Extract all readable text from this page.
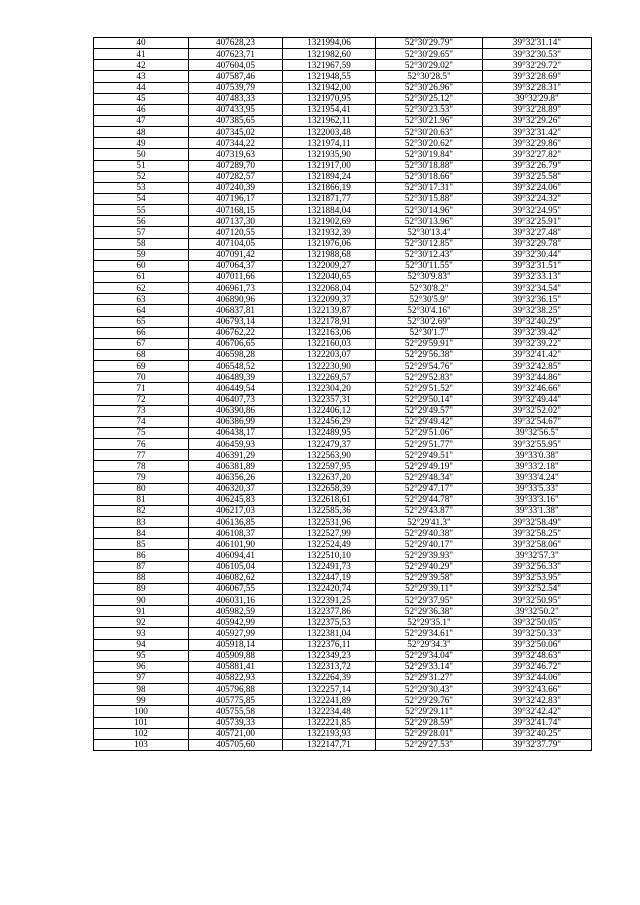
40	407628,23	1321994,06	52°30'29.79"	39°32'31.14"
41	407623,71	1321982,60	52°30'29.65"	39°32'30.53"
42	407604,05	1321967,59	52°30'29.02"	39°32'29.72"
43	407587,46	1321948,55	52°30'28.5"	39°32'28.69"
44	407539,79	1321942,00	52°30'26.96"	39°32'28.31"
45	407483,33	1321970,95	52°30'25.12"	39°32'29.8"
46	407433,95	1321954,41	52°30'23.53"	39°32'28.89"
47	407385,65	1321962,11	52°30'21.96"	39°32'29.26"
48	407345,02	1322003,48	52°30'20.63"	39°32'31.42"
49	407344,22	1321974,11	52°30'20.62"	39°32'29.86"
50	407319,63	1321935,90	52°30'19.84"	39°32'27.82"
51	407289,70	1321917,00	52°30'18.88"	39°32'26.79"
52	407282,57	1321894,24	52°30'18.66"	39°32'25.58"
53	407240,39	1321866,19	52°30'17.31"	39°32'24.06"
54	407196,17	1321871,77	52°30'15.88"	39°32'24.32"
55	407168,15	1321884,04	52°30'14.96"	39°32'24.95"
56	407137,30	1321902,69	52°30'13.96"	39°32'25.91"
57	407120,55	1321932,39	52°30'13.4"	39°32'27.48"
58	407104,05	1321976,06	52°30'12.85"	39°32'29.78"
59	407091,42	1321988,68	52°30'12.43"	39°32'30.44"
60	407064,37	1322009,27	52°30'11.55"	39°32'31.51"
61	407011,66	1322040,65	52°30'9.83"	39°32'33.13"
62	406961,73	1322068,04	52°30'8.2"	39°32'34.54"
63	406890,96	1322099,37	52°30'5.9"	39°32'36.15"
64	406837,81	1322139,87	52°30'4.16"	39°32'38.25"
65	406793,14	1322178,91	52°30'2.69"	39°32'40.29"
66	406762,22	1322163,06	52°30'1.7"	39°32'39.42"
67	406706,65	1322160,03	52°29'59.91"	39°32'39.22"
68	406598,28	1322203,07	52°29'56.38"	39°32'41.42"
69	406548,52	1322230,90	52°29'54.76"	39°32'42.85"
70	406489,39	1322269,57	52°29'52.83"	39°32'44.86"
71	406449,54	1322304,20	52°29'51.52"	39°32'46.66"
72	406407,73	1322357,31	52°29'50.14"	39°32'49.44"
73	406390,86	1322406,12	52°29'49.57"	39°32'52.02"
74	406386,99	1322456,29	52°29'49.42"	39°32'54.67"
75	406438,17	1322489,95	52°29'51.06"	39°32'56.5"
76	406459,93	1322479,37	52°29'51.77"	39°32'55.95"
77	406391,29	1322563,90	52°29'49.51"	39°33'0.38"
78	406381,89	1322597,95	52°29'49.19"	39°33'2.18"
79	406356,26	1322637,20	52°29'48.34"	39°33'4.24"
80	406320,37	1322658,39	52°29'47.17"	39°33'5.33"
81	406245,83	1322618,61	52°29'44.78"	39°33'3.16"
82	406217,03	1322585,36	52°29'43.87"	39°33'1.38"
83	406136,85	1322531,96	52°29'41.3"	39°32'58.49"
84	406108,37	1322527,99	52°29'40.38"	39°32'58.25"
85	406101,90	1322524,49	52°29'40.17"	39°32'58.06"
86	406094,41	1322510,10	52°29'39.93"	39°32'57.3"
87	406105,04	1322491,73	52°29'40.29"	39°32'56.33"
88	406082,62	1322447,19	52°29'39.58"	39°32'53.95"
89	406067,55	1322420,74	52°29'39.11"	39°32'52.54"
90	406031,16	1322391,25	52°29'37.95"	39°32'50.95"
91	405982,59	1322377,86	52°29'36.38"	39°32'50.2"
92	405942,99	1322375,53	52°29'35.1"	39°32'50.05"
93	405927,99	1322381,04	52°29'34.61"	39°32'50.33"
94	405918,14	1322376,11	52°29'34.3"	39°32'50.06"
95	405909,88	1322349,23	52°29'34.04"	39°32'48.63"
96	405881,41	1322313,72	52°29'33.14"	39°32'46.72"
97	405822,93	1322264,39	52°29'31.27"	39°32'44.06"
98	405796,88	1322257,14	52°29'30.43"	39°32'43.66"
99	405775,85	1322241,89	52°29'29.76"	39°32'42.83"
100	405755,58	1322234,48	52°29'29.11"	39°32'42.42"
101	405739,33	1322221,85	52°29'28.59"	39°32'41.74"
102	405721,00	1322193,93	52°29'28.01"	39°32'40.25"
103	405705,60	1322147,71	52°29'27.53"	39°32'37.79"
